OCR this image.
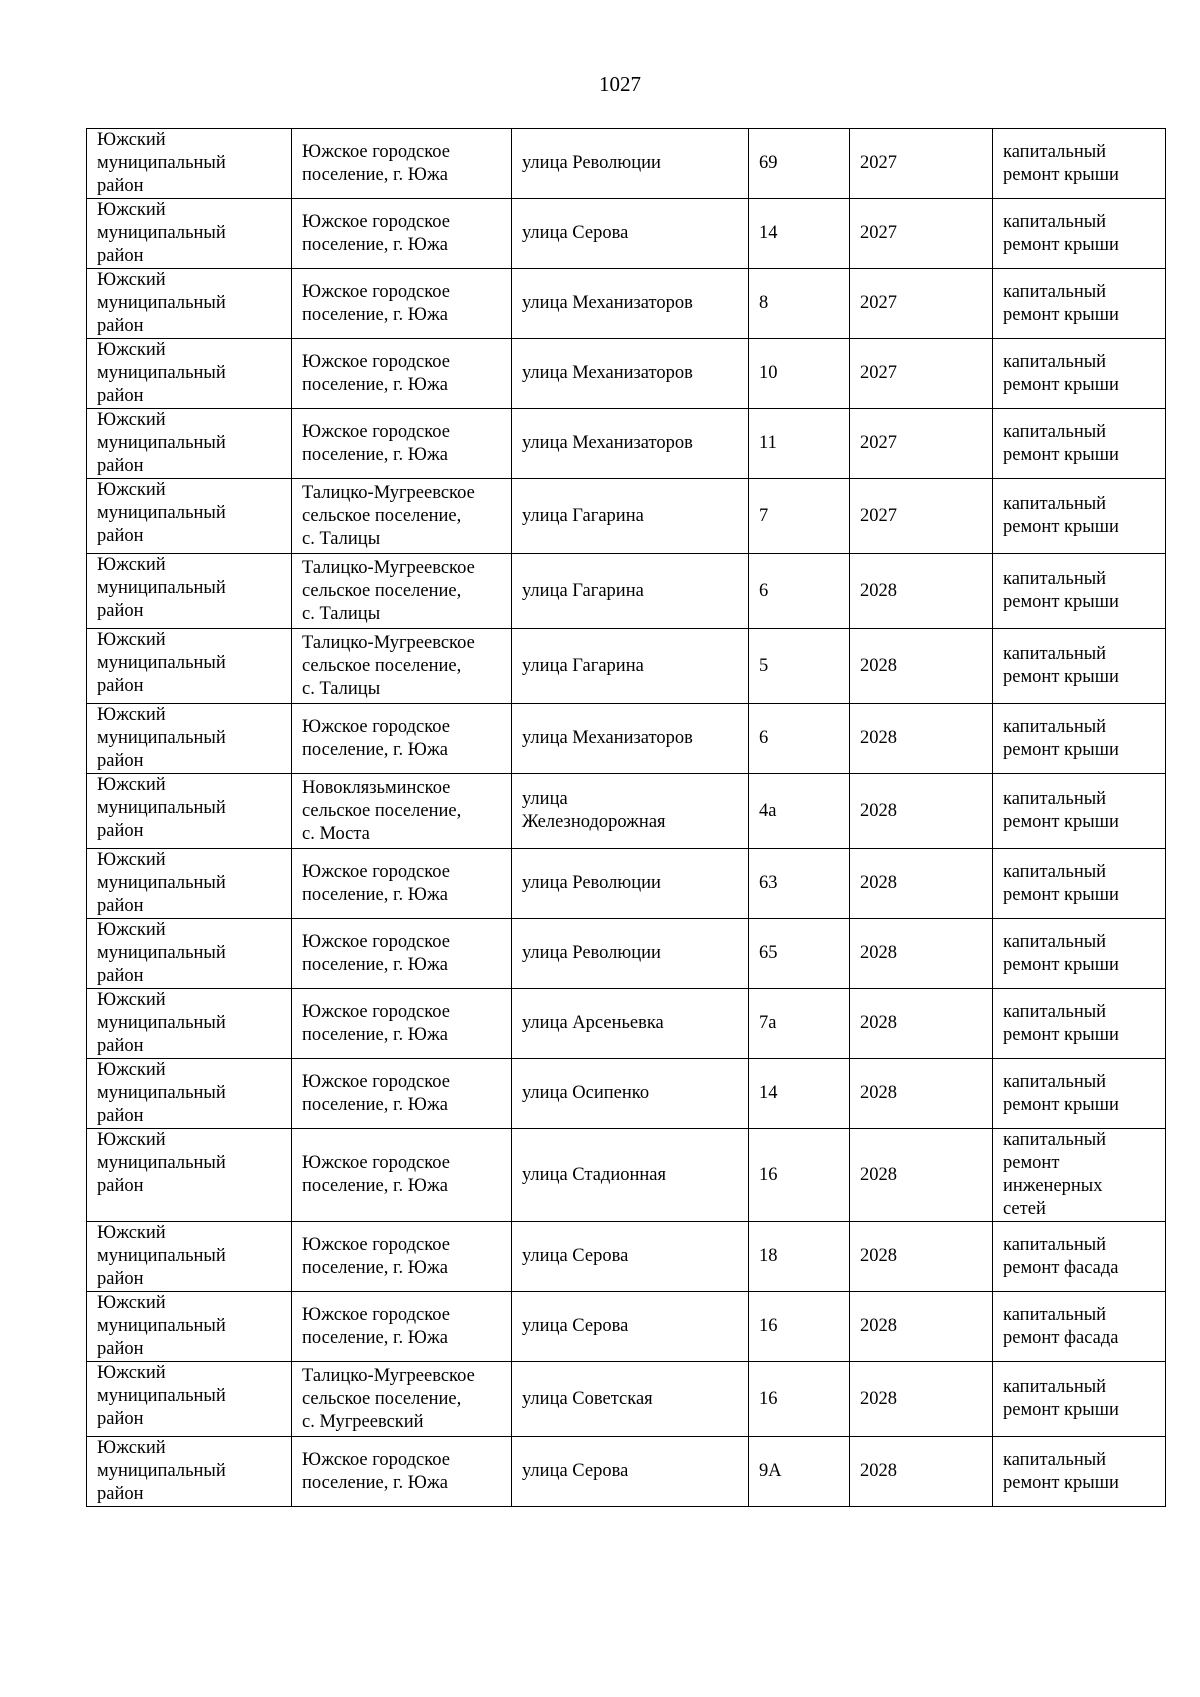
1027
Южский
муниципальный
район	Южское городское
поселение, г. Южа	улица Революции	69	2027	капитальный
ремонт крыши
Южский
муниципальный
район	Южское городское
поселение, г. Южа	улица Серова	14	2027	капитальный
ремонт крыши
Южский
муниципальный
район	Южское городское
поселение, г. Южа	улица Механизаторов	8	2027	капитальный
ремонт крыши
Южский
муниципальный
район	Южское городское
поселение, г. Южа	улица Механизаторов	10	2027	капитальный
ремонт крыши
Южский
муниципальный
район	Южское городское
поселение, г. Южа	улица Механизаторов	11	2027	капитальный
ремонт крыши
Южский
муниципальный
район	Талицко-Мугреевское
сельское поселение,
с. Талицы	улица Гагарина	7	2027	капитальный
ремонт крыши
Южский
муниципальный
район	Талицко-Мугреевское
сельское поселение,
с. Талицы	улица Гагарина	6	2028	капитальный
ремонт крыши
Южский
муниципальный
район	Талицко-Мугреевское
сельское поселение,
с. Талицы	улица Гагарина	5	2028	капитальный
ремонт крыши
Южский
муниципальный
район	Южское городское
поселение, г. Южа	улица Механизаторов	6	2028	капитальный
ремонт крыши
Южский
муниципальный
район	Новоклязьминское
сельское поселение,
с. Моста	улица
Железнодорожная	4а	2028	капитальный
ремонт крыши
Южский
муниципальный
район	Южское городское
поселение, г. Южа	улица Революции	63	2028	капитальный
ремонт крыши
Южский
муниципальный
район	Южское городское
поселение, г. Южа	улица Революции	65	2028	капитальный
ремонт крыши
Южский
муниципальный
район	Южское городское
поселение, г. Южа	улица Арсеньевка	7а	2028	капитальный
ремонт крыши
Южский
муниципальный
район	Южское городское
поселение, г. Южа	улица Осипенко	14	2028	капитальный
ремонт крыши
Южский
муниципальный
район	Южское городское
поселение, г. Южа	улица Стадионная	16	2028	капитальный
ремонт
инженерных
сетей
Южский
муниципальный
район	Южское городское
поселение, г. Южа	улица Серова	18	2028	капитальный
ремонт фасада
Южский
муниципальный
район	Южское городское
поселение, г. Южа	улица Серова	16	2028	капитальный
ремонт фасада
Южский
муниципальный
район	Талицко-Мугреевское
сельское поселение,
с. Мугреевский	улица Советская	16	2028	капитальный
ремонт крыши
Южский
муниципальный
район	Южское городское
поселение, г. Южа	улица Серова	9А	2028	капитальный
ремонт крыши
